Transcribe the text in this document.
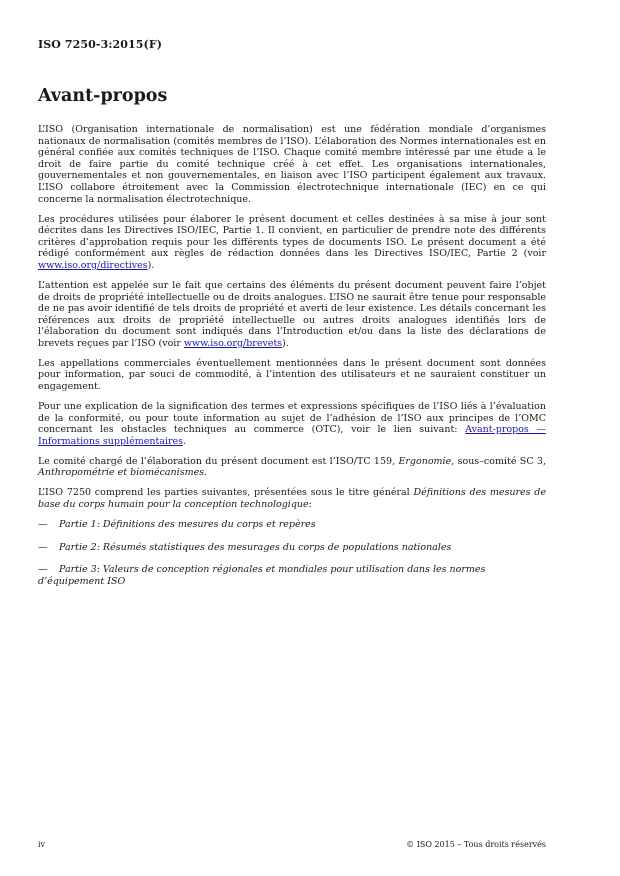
ISO 7250-3:2015(F)
Avant-propos

L’ISO (Organisation internationale de normalisation) est une fédération mondiale d’organismes nationaux de normalisation (comités membres de l’ISO). L’élaboration des Normes internationales est en général confiée aux comités techniques de l’ISO. Chaque comité membre intéressé par une étude a le droit de faire partie du comité technique créé à cet effet. Les organisations internationales, gouvernementales et non gouvernementales, en liaison avec l’ISO participent également aux travaux. L’ISO collabore étroitement avec la Commission électrotechnique internationale (IEC) en ce qui concerne la normalisation électrotechnique.

Les procédures utilisées pour élaborer le présent document et celles destinées à sa mise à jour sont décrites dans les Directives ISO/IEC, Partie 1. Il convient, en particulier de prendre note des différents critères d’approbation requis pour les différents types de documents ISO. Le présent document a été rédigé conformément aux règles de rédaction données dans les Directives ISO/IEC, Partie 2 (voir www.iso.org/directives).

L’attention est appelée sur le fait que certains des éléments du présent document peuvent faire l’objet de droits de propriété intellectuelle ou de droits analogues. L’ISO ne saurait être tenue pour responsable de ne pas avoir identifié de tels droits de propriété et averti de leur existence. Les détails concernant les références aux droits de propriété intellectuelle ou autres droits analogues identifiés lors de l’élaboration du document sont indiqués dans l’Introduction et/ou dans la liste des déclarations de brevets reçues par l’ISO (voir www.iso.org/brevets).

Les appellations commerciales éventuellement mentionnées dans le présent document sont données pour information, par souci de commodité, à l’intention des utilisateurs et ne sauraient constituer un engagement.

Pour une explication de la signification des termes et expressions spécifiques de l’ISO liés à l’évaluation de la conformité, ou pour toute information au sujet de l’adhésion de l’ISO aux principes de l’OMC concernant les obstacles techniques au commerce (OTC), voir le lien suivant: Avant-propos — Informations supplémentaires.

Le comité chargé de l’élaboration du présent document est l’ISO/TC 159, Ergonomie, sous–comité SC 3, Anthropométrie et biomécanismes.

L’ISO 7250 comprend les parties suivantes, présentées sous le titre général Définitions des mesures de base du corps humain pour la conception technologique:

— Partie 1: Définitions des mesures du corps et repères
— Partie 2: Résumés statistiques des mesurages du corps de populations nationales
— Partie 3: Valeurs de conception régionales et mondiales pour utilisation dans les normes d’équipement ISO
iv	© ISO 2015 – Tous droits réservés
